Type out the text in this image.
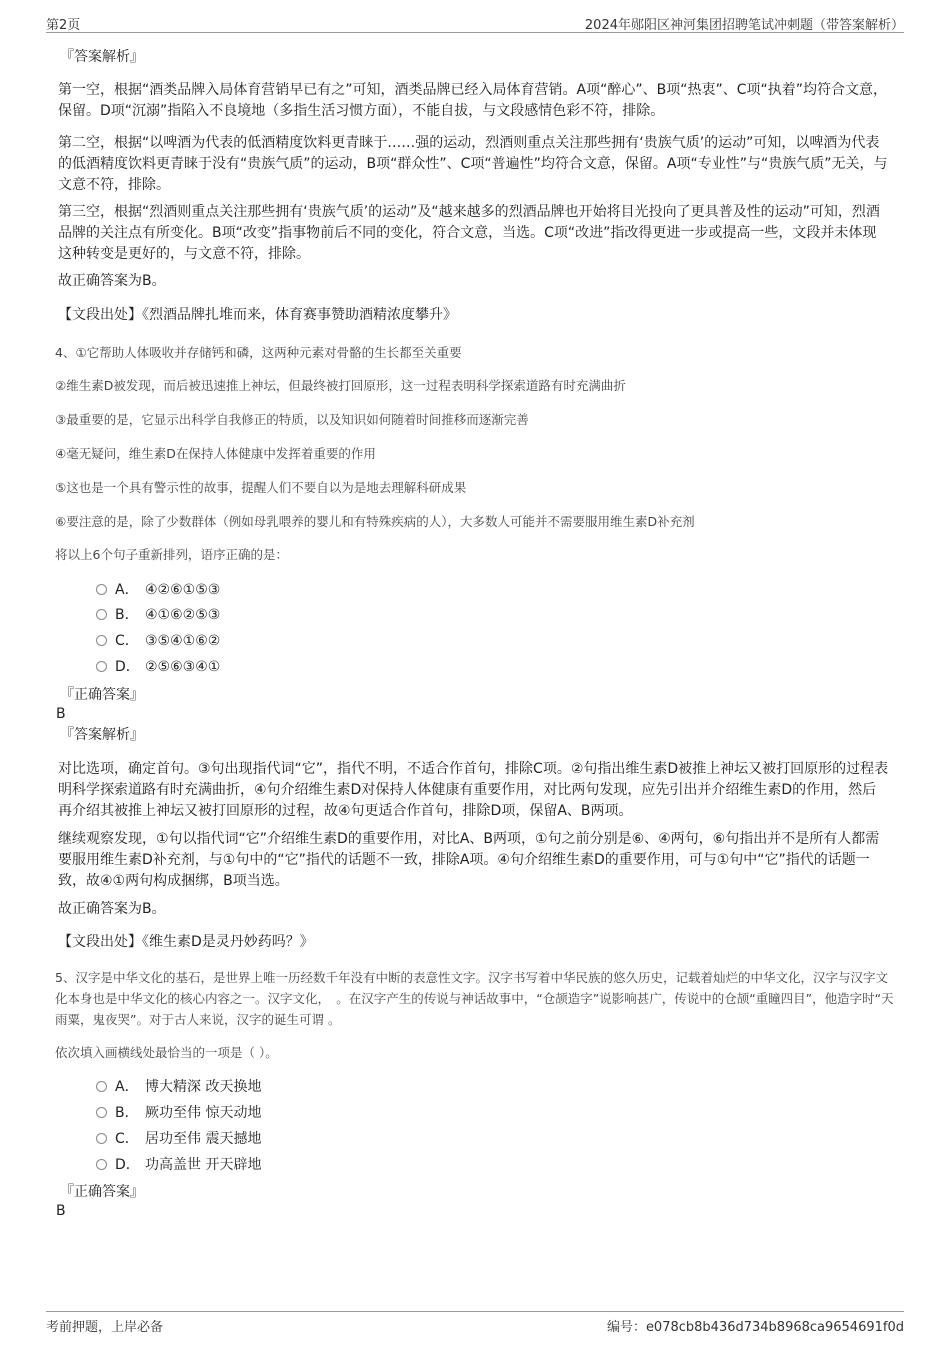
第2页	2024年郧阳区神河集团招聘笔试冲刺题（带答案解析）
『答案解析』

第一空，根据“酒类品牌入局体育营销早已有之”可知，酒类品牌已经入局体育营销。A项“醉心”、B项“热衷”、C项“执着”均符合文意，保留。D项“沉溺”指陷入不良境地（多指生活习惯方面），不能自拔，与文段感情色彩不符，排除。

第二空，根据“以啤酒为代表的低酒精度饮料更青睐于……强的运动，烈酒则重点关注那些拥有‘贵族气质’的运动”可知，以啤酒为代表的低酒精度饮料更青睐于没有“贵族气质”的运动，B项“群众性”、C项“普遍性”均符合文意，保留。A项“专业性”与“贵族气质”无关，与文意不符，排除。

第三空，根据“烈酒则重点关注那些拥有‘贵族气质’的运动”及“越来越多的烈酒品牌也开始将目光投向了更具普及性的运动”可知，烈酒品牌的关注点有所变化。B项“改变”指事物前后不同的变化，符合文意，当选。C项“改进”指改得更进一步或提高一些，文段并未体现这种转变是更好的，与文意不符，排除。

故正确答案为B。

【文段出处】《烈酒品牌扎堆而来，体育赛事赞助酒精浓度攀升》

4、①它帮助人体吸收并存储钙和磷，这两种元素对骨骼的生长都至关重要

②维生素D被发现，而后被迅速推上神坛，但最终被打回原形，这一过程表明科学探索道路有时充满曲折

③最重要的是，它显示出科学自我修正的特质，以及知识如何随着时间推移而逐渐完善

④毫无疑问，维生素D在保持人体健康中发挥着重要的作用

⑤这也是一个具有警示性的故事，提醒人们不要自以为是地去理解科研成果

⑥要注意的是，除了少数群体（例如母乳喂养的婴儿和有特殊疾病的人），大多数人可能并不需要服用维生素D补充剂

将以上6个句子重新排列，语序正确的是：

A． ④②⑥①⑤③
B． ④①⑥②⑤③
C． ③⑤④①⑥②
D． ②⑤⑥③④①
『正确答案』
B
『答案解析』

对比选项，确定首句。③句出现指代词“它”，指代不明，不适合作首句，排除C项。②句指出维生素D被推上神坛又被打回原形的过程表明科学探索道路有时充满曲折，④句介绍维生素D对保持人体健康有重要作用，对比两句发现，应先引出并介绍维生素D的作用，然后再介绍其被推上神坛又被打回原形的过程，故④句更适合作首句，排除D项，保留A、B两项。

继续观察发现，①句以指代词“它”介绍维生素D的重要作用，对比A、B两项，①句之前分别是⑥、④两句，⑥句指出并不是所有人都需要服用维生素D补充剂，与①句中的“它”指代的话题不一致，排除A项。④句介绍维生素D的重要作用，可与①句中“它”指代的话题一致，故④①两句构成捆绑，B项当选。

故正确答案为B。

【文段出处】《维生素D是灵丹妙药吗？》

5、汉字是中华文化的基石，是世界上唯一历经数千年没有中断的表意性文字。汉字书写着中华民族的悠久历史，记载着灿烂的中华文化，汉字与汉字文化本身也是中华文化的核心内容之一。汉字文化，　。在汉字产生的传说与神话故事中，“仓颉造字”说影响甚广，传说中的仓颉“重瞳四目”，他造字时“天雨粟，鬼夜哭”。对于古人来说，汉字的诞生可谓 。

依次填入画横线处最恰当的一项是（ ）。

A． 博大精深 改天换地
B． 厥功至伟 惊天动地
C． 居功至伟 震天撼地
D． 功高盖世 开天辟地
『正确答案』
B
考前押题，上岸必备	编号：e078cb8b436d734b8968ca9654691f0d
